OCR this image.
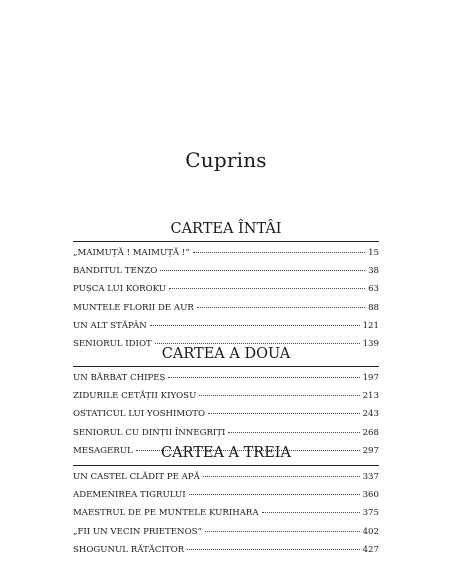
Cuprins
CARTEA ÎNTÂI
„MAIMUȚĂ ! MAIMUȚĂ !”	15
BANDITUL TENZO	38
PUȘCA LUI KOROKU	63
MUNTELE FLORII DE AUR	88
UN ALT STĂPÂN	121
SENIORUL IDIOT	139
CARTEA A DOUA
UN BĂRBAT CHIPEȘ	197
ZIDURILE CETĂȚII KIYOSU	213
OSTATICUL LUI YOSHIMOTO	243
SENIORUL CU DINȚII ÎNNEGRIȚI	268
MESAGERUL	297
CARTEA A TREIA
UN CASTEL CLĂDIT PE APĂ	337
ADEMENIREA TIGRULUI	360
MAESTRUL DE PE MUNTELE KURIHARA	375
„FII UN VECIN PRIETENOS“	402
SHOGUNUL RĂTĂCITOR	427
